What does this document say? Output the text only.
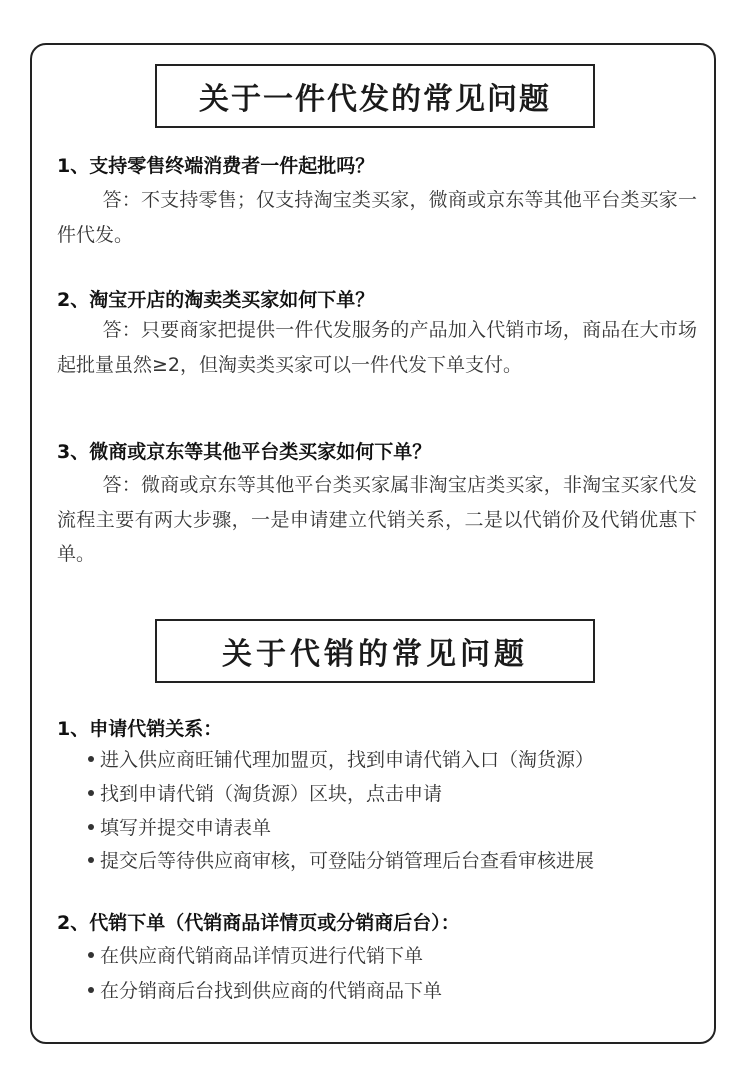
关于一件代发的常见问题
1、支持零售终端消费者一件起批吗？
答：不支持零售；仅支持淘宝类买家，微商或京东等其他平台类买家一件代发。
2、淘宝开店的淘卖类买家如何下单？
答：只要商家把提供一件代发服务的产品加入代销市场，商品在大市场起批量虽然≥2，但淘卖类买家可以一件代发下单支付。
3、微商或京东等其他平台类买家如何下单？
答：微商或京东等其他平台类买家属非淘宝店类买家，非淘宝买家代发流程主要有两大步骤，一是申请建立代销关系，二是以代销价及代销优惠下单。
关于代销的常见问题
1、申请代销关系：
进入供应商旺铺代理加盟页，找到申请代销入口（淘货源）
找到申请代销（淘货源）区块，点击申请
填写并提交申请表单
提交后等待供应商审核，可登陆分销管理后台查看审核进展
2、代销下单（代销商品详情页或分销商后台）：
在供应商代销商品详情页进行代销下单
在分销商后台找到供应商的代销商品下单
